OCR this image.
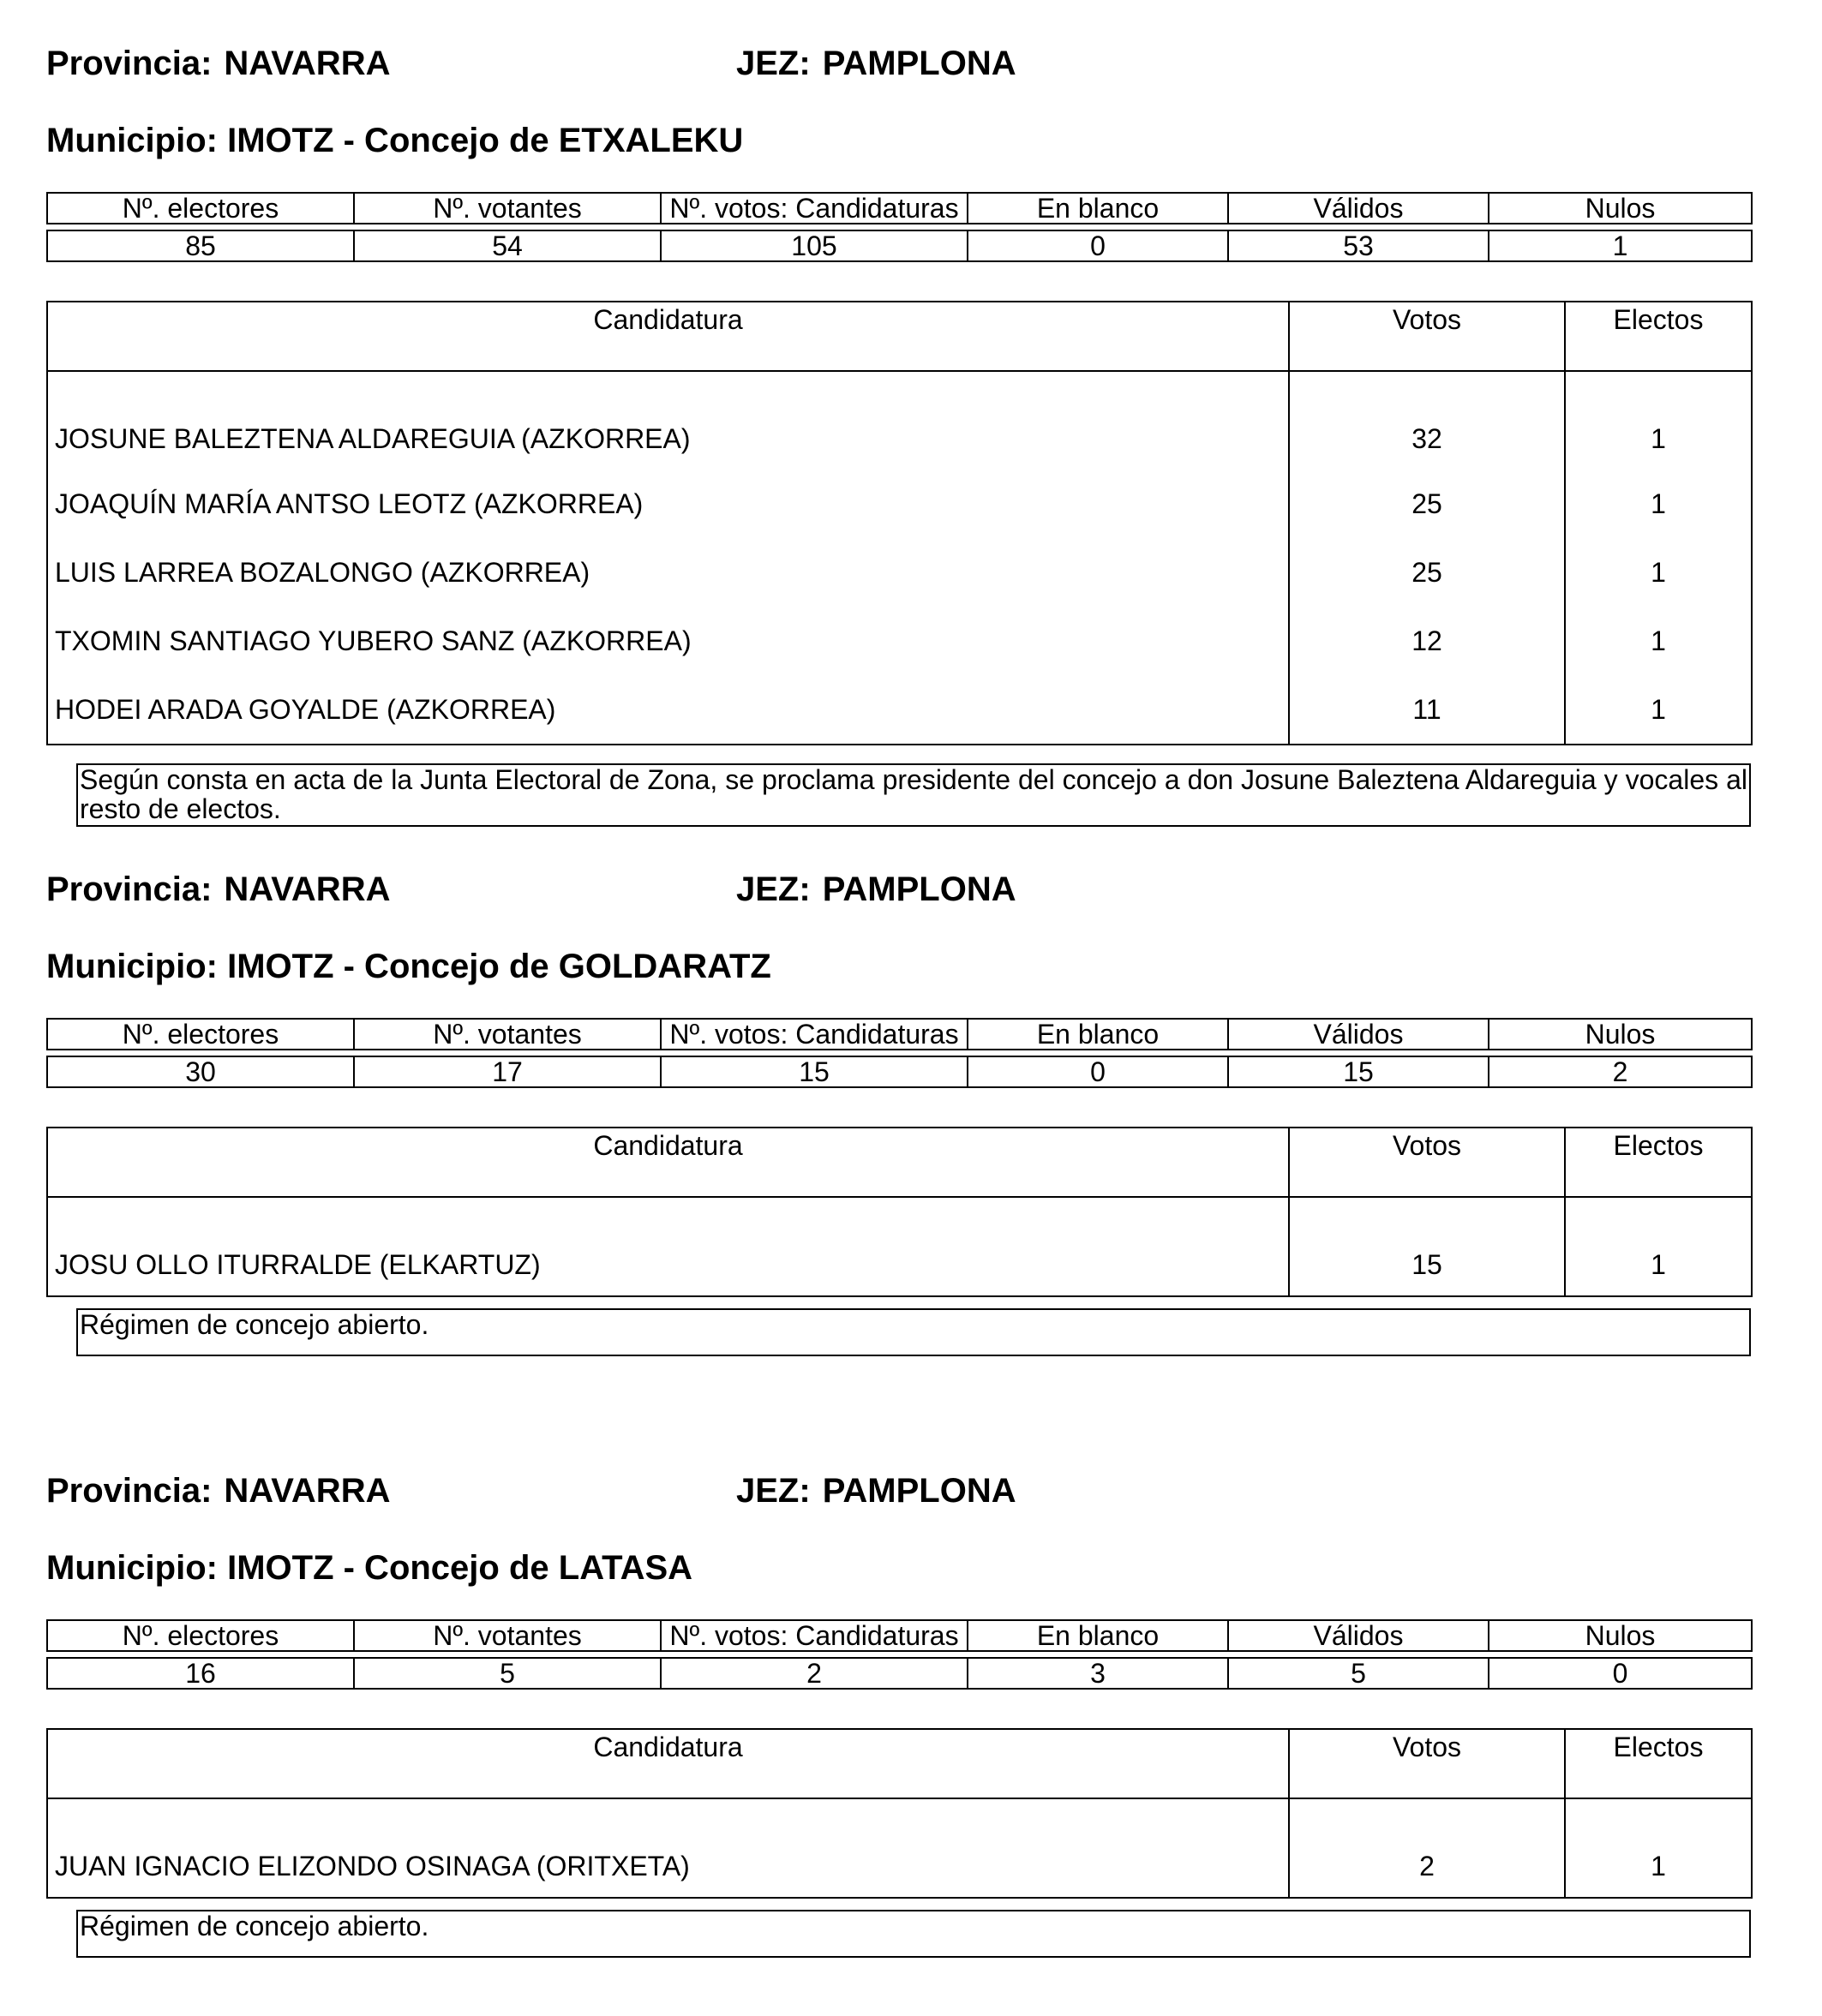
Provincia: NAVARRA	JEZ: PAMPLONA
Municipio: IMOTZ - Concejo de ETXALEKU
Nº. electores	Nº. votantes	Nº. votos: Candidaturas	En blanco	Válidos	Nulos

85	54	105	0	53	1
Candidatura	Votos	Electos
JOSUNE BALEZTENA ALDAREGUIA (AZKORREA)	32	1
JOAQUÍN MARÍA ANTSO LEOTZ (AZKORREA)	25	1
LUIS LARREA BOZALONGO (AZKORREA)	25	1
TXOMIN SANTIAGO YUBERO SANZ (AZKORREA)	12	1
HODEI ARADA GOYALDE (AZKORREA)	11	1
Según consta en acta de la Junta Electoral de Zona, se proclama presidente del concejo a don Josune Baleztena Aldareguia y vocales al resto de electos.
Provincia: NAVARRA	JEZ: PAMPLONA
Municipio: IMOTZ - Concejo de GOLDARATZ
Nº. electores	Nº. votantes	Nº. votos: Candidaturas	En blanco	Válidos	Nulos

30	17	15	0	15	2
Candidatura	Votos	Electos
JOSU OLLO ITURRALDE (ELKARTUZ)	15	1
Régimen de concejo abierto.
Provincia: NAVARRA	JEZ: PAMPLONA
Municipio: IMOTZ - Concejo de LATASA
Nº. electores	Nº. votantes	Nº. votos: Candidaturas	En blanco	Válidos	Nulos

16	5	2	3	5	0
Candidatura	Votos	Electos
JUAN IGNACIO ELIZONDO OSINAGA (ORITXETA)	2	1
Régimen de concejo abierto.
